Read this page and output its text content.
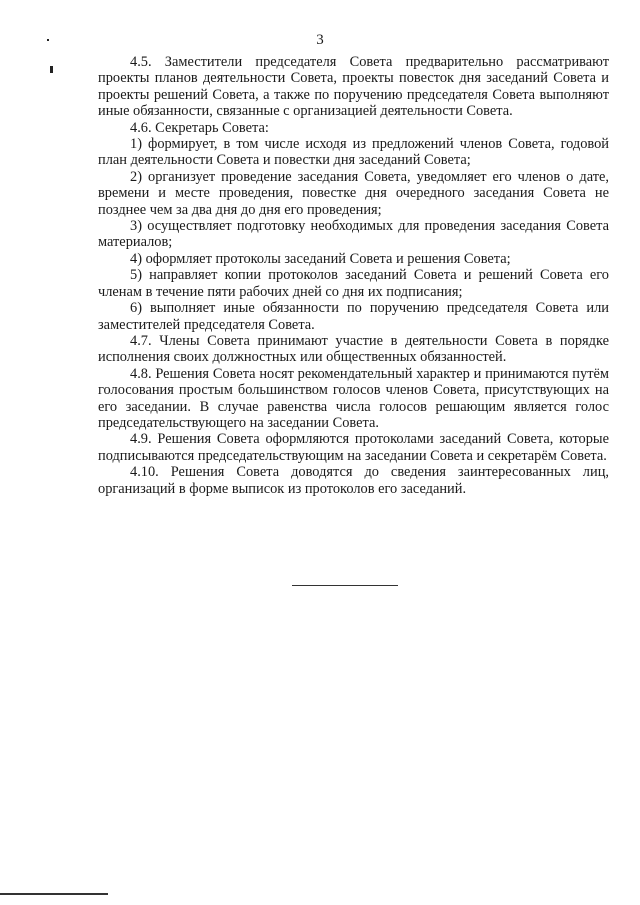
3

4.5. Заместители председателя Совета предварительно рассматривают проекты планов деятельности Совета, проекты повесток дня заседаний Совета и проекты решений Совета, а также по поручению председателя Совета выполняют иные обязанности, связанные с организацией деятельности Совета.

4.6. Секретарь Совета:

1) формирует, в том числе исходя из предложений членов Совета, годовой план деятельности Совета и повестки дня заседаний Совета;

2) организует проведение заседания Совета, уведомляет его членов о дате, времени и месте проведения, повестке дня очередного заседания Совета не позднее чем за два дня до дня его проведения;

3) осуществляет подготовку необходимых для проведения заседания Совета материалов;

4) оформляет протоколы заседаний Совета и решения Совета;

5) направляет копии протоколов заседаний Совета и решений Совета его членам в течение пяти рабочих дней со дня их подписания;

6) выполняет иные обязанности по поручению председателя Совета или заместителей председателя Совета.

4.7. Члены Совета принимают участие в деятельности Совета в порядке исполнения своих должностных или общественных обязанностей.

4.8. Решения Совета носят рекомендательный характер и принимаются путём голосования простым большинством голосов членов Совета, присутствующих на его заседании. В случае равенства числа голосов решающим является голос председательствующего на заседании Совета.

4.9. Решения Совета оформляются протоколами заседаний Совета, которые подписываются председательствующим на заседании Совета и секретарём Совета.

4.10. Решения Совета доводятся до сведения заинтересованных лиц, организаций в форме выписок из протоколов его заседаний.
